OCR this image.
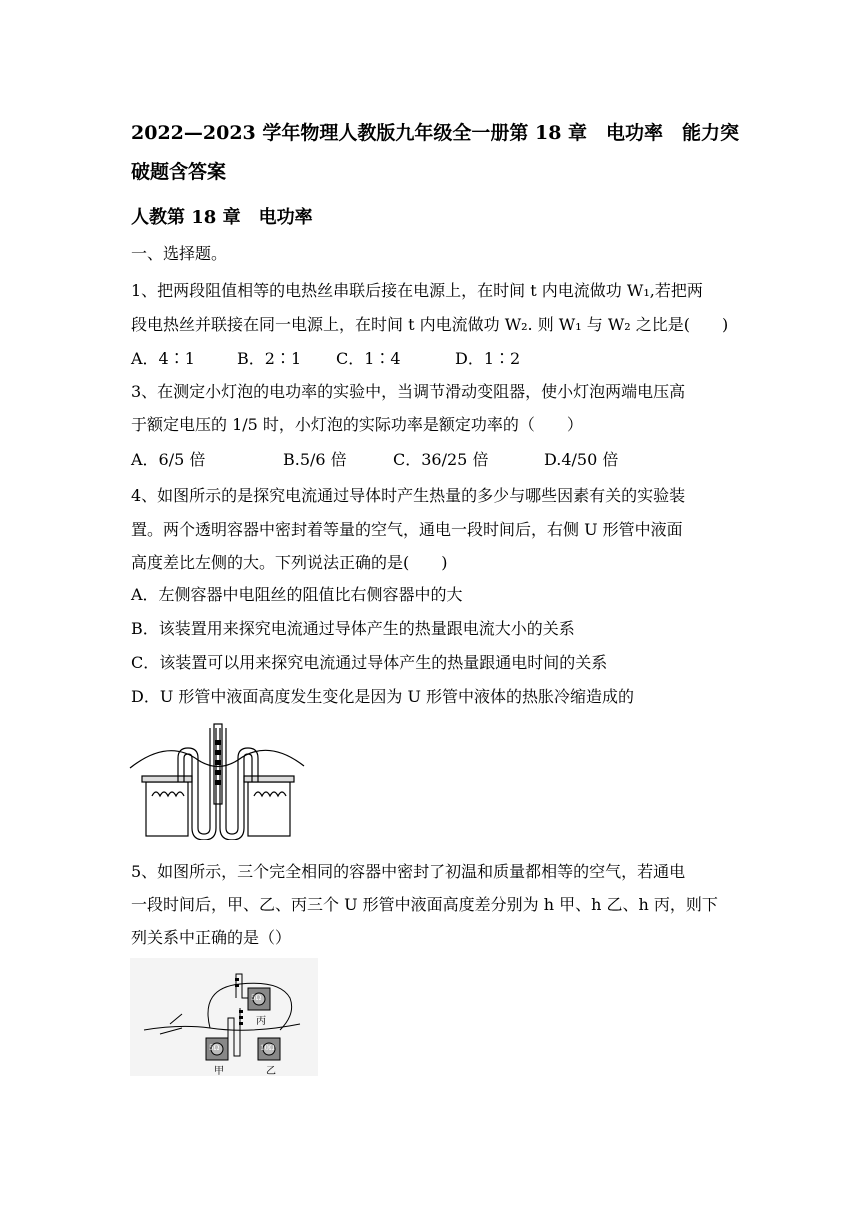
2022—2023 学年物理人教版九年级全一册第 18 章　电功率　能力突
破题含答案
人教第 18 章　电功率
一、选择题。
1、把两段阻值相等的电热丝串联后接在电源上，在时间 t 内电流做功 W₁,若把两
段电热丝并联接在同一电源上，在时间 t 内电流做功 W₂. 则 W₁ 与 W₂ 之比是(　　)
A．4∶1	B．2∶1 C．1∶4	D．1∶2
3、在测定小灯泡的电功率的实验中，当调节滑动变阻器，使小灯泡两端电压高
于额定电压的 1/5 时，小灯泡的实际功率是额定功率的（　　）
A．6/5 倍	B.5/6 倍	C．36/25 倍	D.4/50 倍
4、如图所示的是探究电流通过导体时产生热量的多少与哪些因素有关的实验装
置。两个透明容器中密封着等量的空气，通电一段时间后，右侧 U 形管中液面
高度差比左侧的大。下列说法正确的是(　　)
A．左侧容器中电阻丝的阻值比右侧容器中的大
B．该装置用来探究电流通过导体产生的热量跟电流大小的关系
C．该装置可以用来探究电流通过导体产生的热量跟通电时间的关系
D．U 形管中液面高度发生变化是因为 U 形管中液体的热胀冷缩造成的
5、如图所示，三个完全相同的容器中密封了初温和质量都相等的空气，若通电
一段时间后，甲、乙、丙三个 U 形管中液面高度差分别为 h 甲、h 乙、h 丙，则下
列关系中正确的是（）
甲	乙
丙
5Ω	10Ω
5Ω
